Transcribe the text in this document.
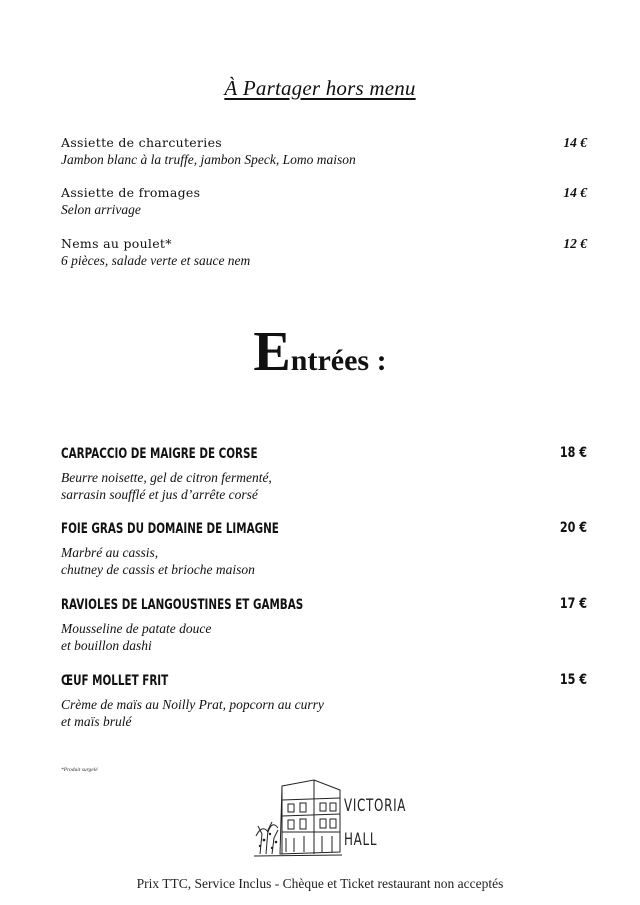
À Partager hors menu
Assiette de charcuteries
Jambon blanc à la truffe, jambon Speck, Lomo maison
14 €
Assiette de fromages
Selon arrivage
14 €
Nems au poulet*
6 pièces, salade verte et sauce nem
12 €
Entrées :
CARPACCIO DE MAIGRE DE CORSE	18 €
Beurre noisette, gel de citron fermenté,
sarrasin soufflé et jus d’arrête corsé
FOIE GRAS DU DOMAINE DE LIMAGNE	20 €
Marbré au cassis,
chutney de cassis et brioche maison
RAVIOLES DE LANGOUSTINES ET GAMBAS	17 €
Mousseline de patate douce
et bouillon dashi
ŒUF MOLLET FRIT	15 €
Crème de maïs au Noilly Prat, popcorn au curry
et maïs brulé
*Produit surgelé
VICTORIA
HALL
Prix TTC, Service Inclus - Chèque et Ticket restaurant non acceptés
